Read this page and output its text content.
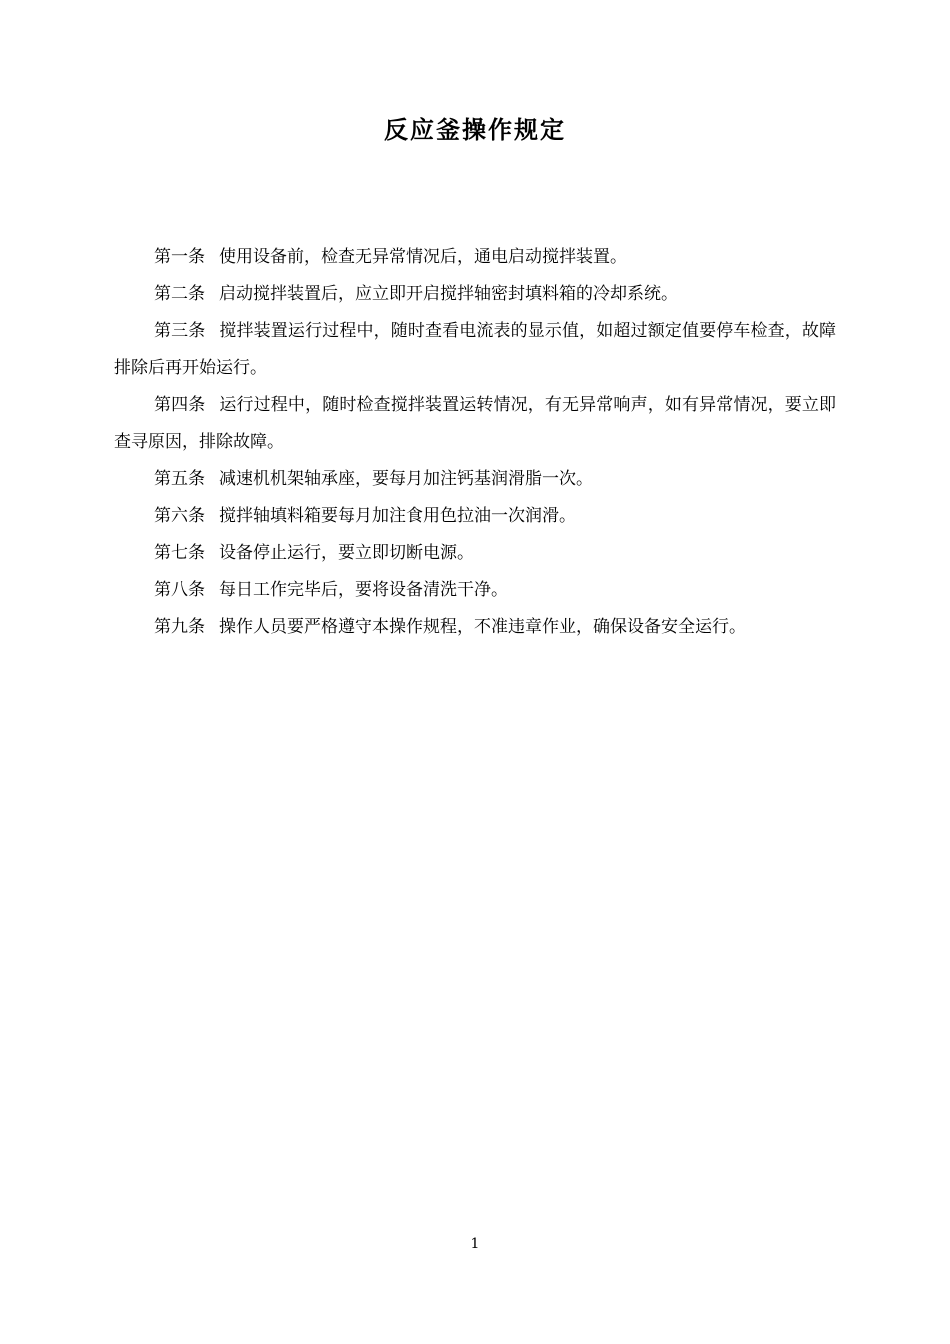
反应釜操作规定

第一条 使用设备前，检查无异常情况后，通电启动搅拌装置。

第二条 启动搅拌装置后，应立即开启搅拌轴密封填料箱的冷却系统。

第三条 搅拌装置运行过程中，随时查看电流表的显示值，如超过额定值要停车检查，故障排除后再开始运行。

第四条 运行过程中，随时检查搅拌装置运转情况，有无异常响声，如有异常情况，要立即查寻原因，排除故障。

第五条 减速机机架轴承座，要每月加注钙基润滑脂一次。

第六条 搅拌轴填料箱要每月加注食用色拉油一次润滑。

第七条 设备停止运行，要立即切断电源。

第八条 每日工作完毕后，要将设备清洗干净。

第九条 操作人员要严格遵守本操作规程，不准违章作业，确保设备安全运行。

1
